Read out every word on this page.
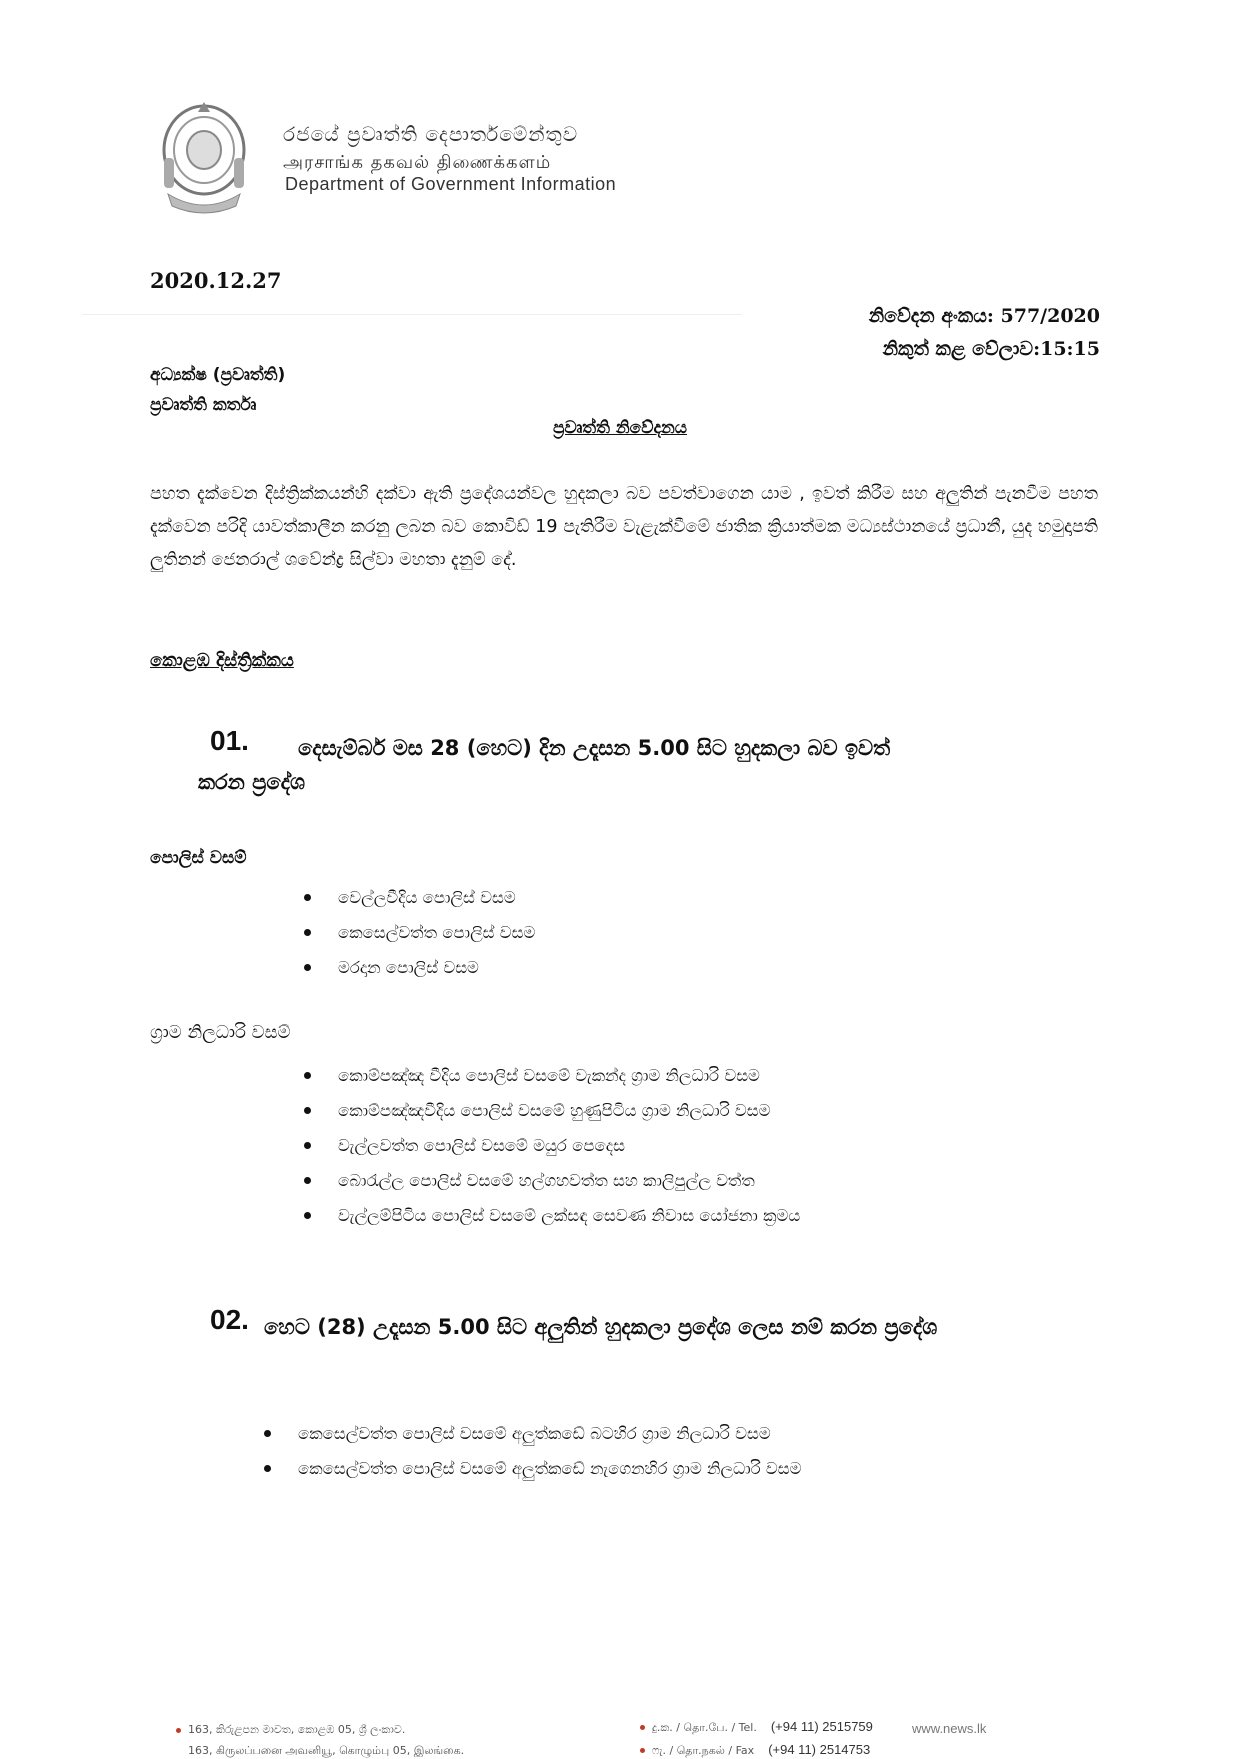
රජයේ ප්‍රවෘත්ති දෙපාර්තමේන්තුව
அரசாங்க தகவல் திணைக்களம்
Department of Government Information
2020.12.27
නිවේදන අංකය: 577/2020
නිකුත් කළ වේලාව:15:15
අධ්‍යක්ෂ (ප්‍රවෘත්ති)
ප්‍රවෘත්ති කර්තෘ
ප්‍රවෘත්ති නිවේදනය
පහත දැක්වෙන දිස්ත්‍රික්කයන්හි දක්වා ඇති ප්‍රදේශයන්වල හුදකලා බව පවත්වාගෙන යාම , ඉවත් කිරීම සහ අලුතින් පැනවීම පහත දැක්වෙන පරිදි යාවත්කාලීන කරනු ලබන බව කොවිඩ් 19 පැතිරීම වැළැක්වීමේ ජාතික ක්‍රියාත්මක මධ්‍යස්ථානයේ ප්‍රධානී, යුද හමුදාපති ලුතිනන් ජෙනරාල් ශවේන්ද්‍ර සිල්වා මහතා දැනුම් දේ.
කොළඹ දිස්ත්‍රික්කය
01. දෙසැම්බර් මස 28 (හෙට) දින උදෑසන 5.00 සිට හුදකලා බව ඉවත්
කරන ප්‍රදේශ
පොලිස් වසම්
වෙල්ලවීදිය පොලිස් වසම
කෙසෙල්වත්ත පොලිස් වසම
මරදාන පොලිස් වසම
ග්‍රාම නිලධාරි වසම්
කොම්පඤ්ඤ වීදිය පොලිස් වසමේ වැකන්ද ග්‍රාම නිලධාරි වසම
කොම්පඤ්ඤවීදිය පොලිස් වසමේ හුණුපිටිය ග්‍රාම නිලධාරි වසම
වැල්ලවත්ත පොලිස් වසමේ මයුර පෙදෙස
බොරැල්ල පොලිස් වසමේ හල්ගහවත්ත සහ කාලිපුල්ල වත්ත
වැල්ලම්පිටිය පොලිස් වසමේ ලක්සඳ සෙවණ නිවාස යෝජනා ක්‍රමය
02. හෙට (28) උදෑසන 5.00 සිට අලුතින් හුදකලා ප්‍රදේශ ලෙස නම් කරන ප්‍රදේශ
කෙසෙල්වත්ත පොලිස් වසමේ අලුත්කඩේ බටහිර ග්‍රාම නිලධාරි වසම
කෙසෙල්වත්ත පොලිස් වසමේ අලුත්කඩේ නැගෙනහිර ග්‍රාම නිලධාරි වසම
163, කිරුළපන මාවත, කොළඹ 05, ශ්‍රී ලංකාව.
163, கிருலப்பனை அவனியூ, கொழும்பு 05, இலங்கை.
දු.ක. / தொ.பே. / Tel. (+94 11) 2515759
ෆැ. / தொ.நகல் / Fax (+94 11) 2514753
www.news.lk
